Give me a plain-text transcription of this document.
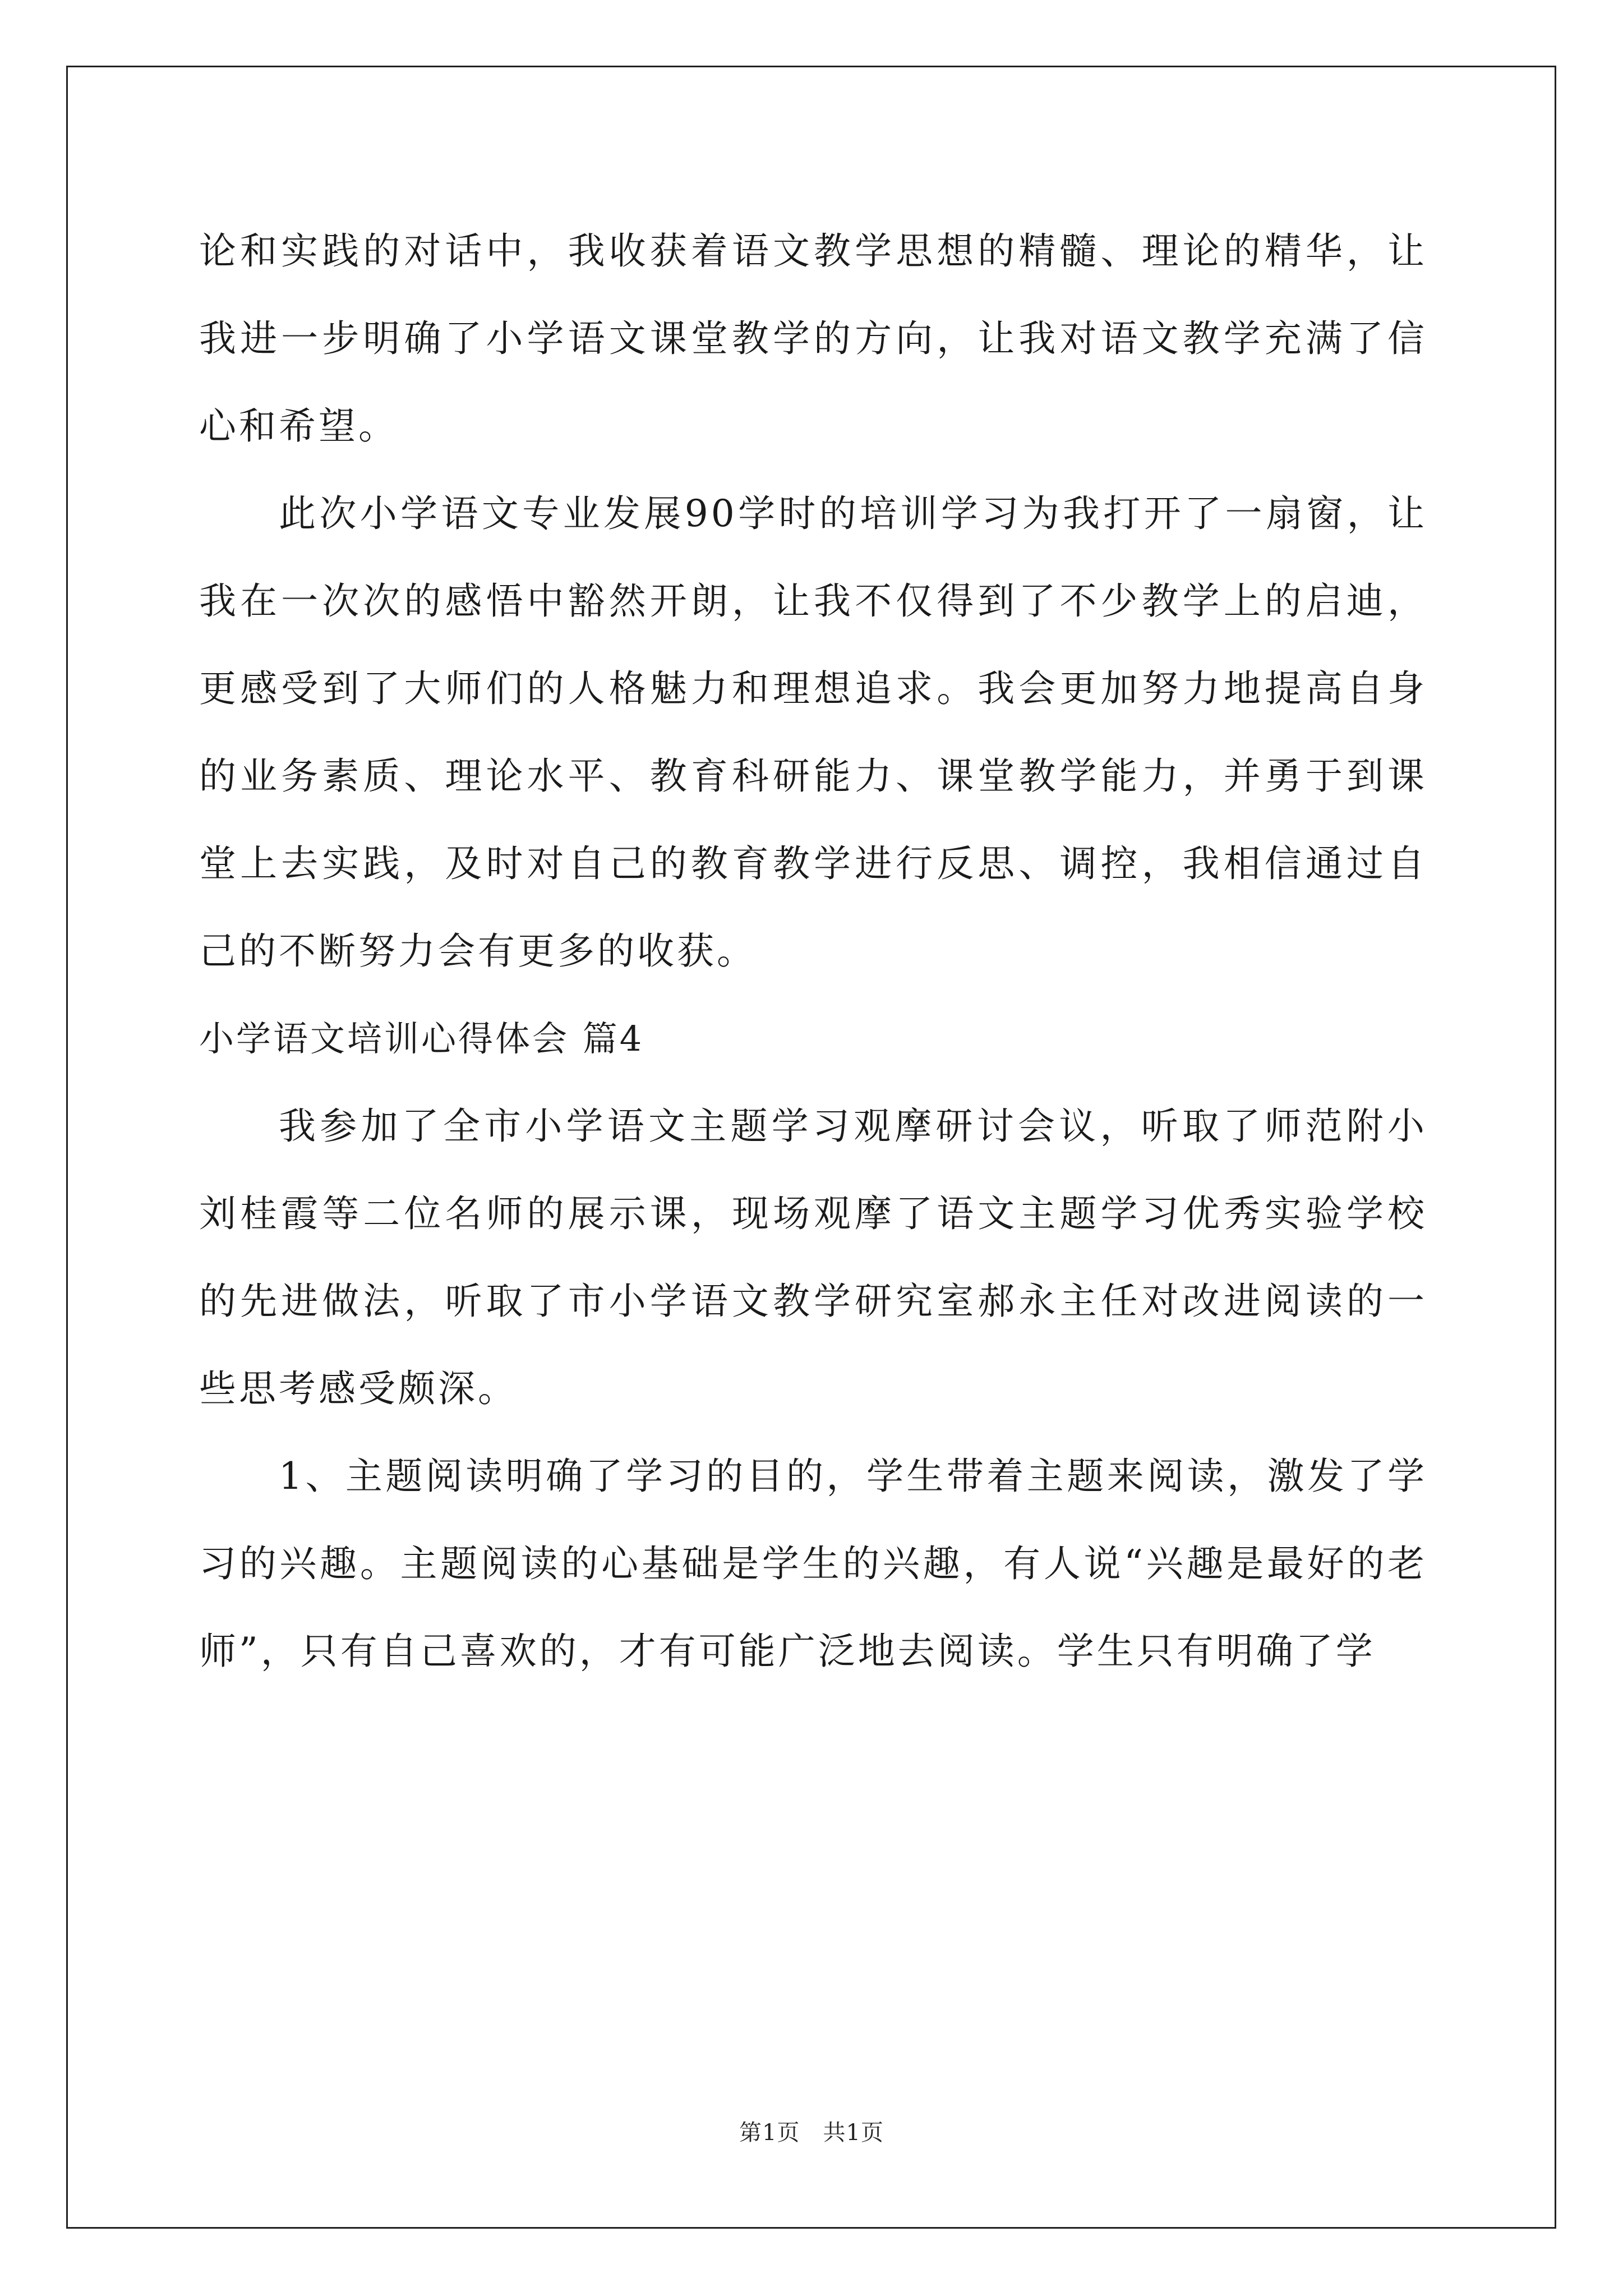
论和实践的对话中，我收获着语文教学思想的精髓、理论的精华，让我进一步明确了小学语文课堂教学的方向，让我对语文教学充满了信心和希望。

此次小学语文专业发展90学时的培训学习为我打开了一扇窗，让我在一次次的感悟中豁然开朗，让我不仅得到了不少教学上的启迪，更感受到了大师们的人格魅力和理想追求。我会更加努力地提高自身的业务素质、理论水平、教育科研能力、课堂教学能力，并勇于到课堂上去实践，及时对自己的教育教学进行反思、调控，我相信通过自己的不断努力会有更多的收获。

小学语文培训心得体会 篇4

我参加了全市小学语文主题学习观摩研讨会议，听取了师范附小刘桂霞等二位名师的展示课，现场观摩了语文主题学习优秀实验学校的先进做法，听取了市小学语文教学研究室郝永主任对改进阅读的一些思考感受颇深。

1、主题阅读明确了学习的目的，学生带着主题来阅读，激发了学习的兴趣。主题阅读的心基础是学生的兴趣，有人说“兴趣是最好的老师”，只有自己喜欢的，才有可能广泛地去阅读。学生只有明确了学

第1页　共1页
